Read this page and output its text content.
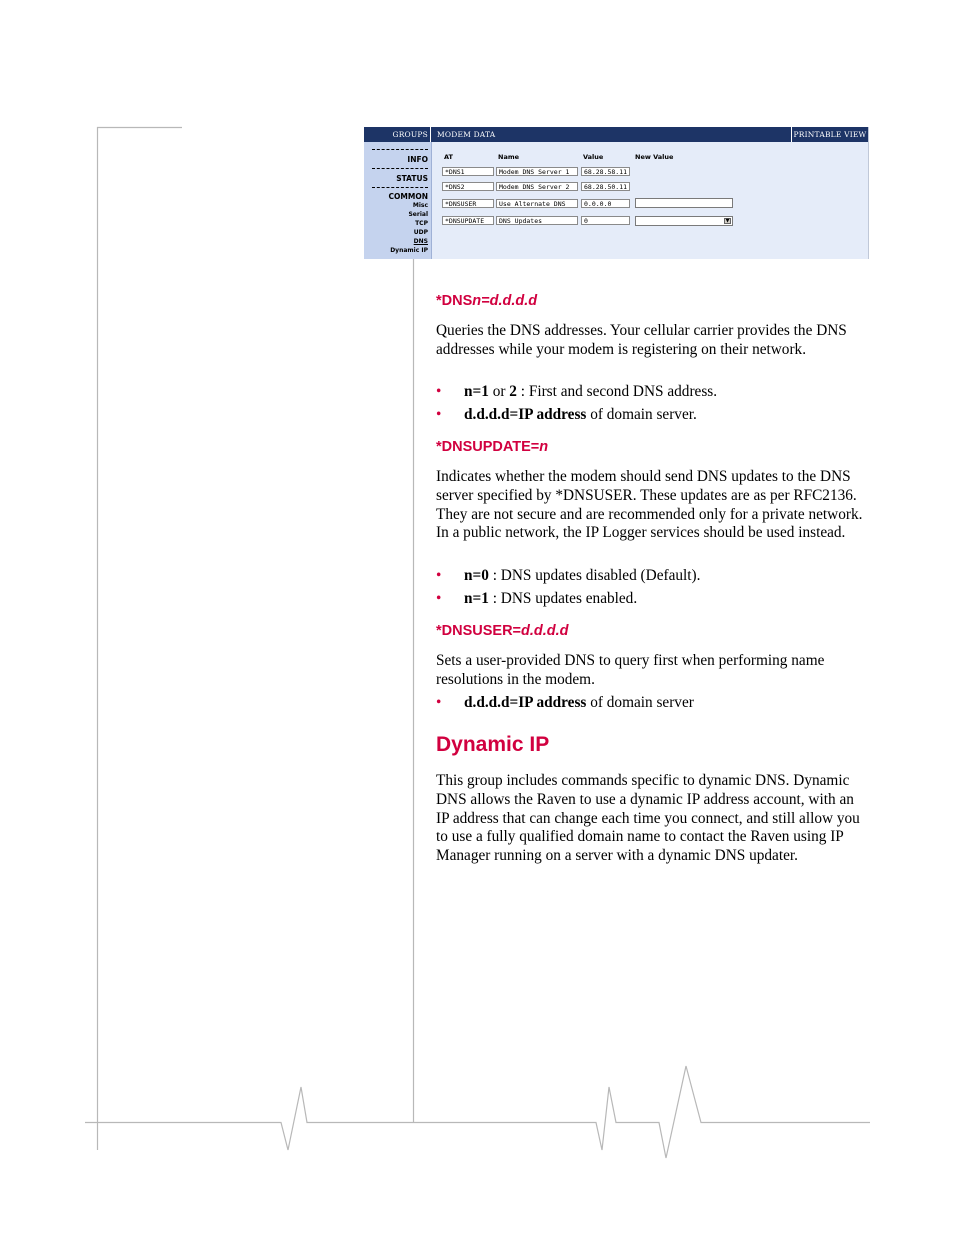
GROUPS	MODEM DATA	PRINTABLE VIEW
INFO
STATUS
COMMON
Misc
Serial
TCP
UDP
DNS
Dynamic IP
AT	Name	Value	New Value
*DNS1	Modem DNS Server 1	68.28.58.11
*DNS2	Modem DNS Server 2	68.28.50.11
*DNSUSER	Use Alternate DNS	0.0.0.0
*DNSUPDATE	DNS Updates	0	▼
*DNSn=d.d.d.d
Queries the DNS addresses. Your cellular carrier provides the DNS addresses while your modem is registering on their network.
• n=1 or 2 : First and second DNS address.
• d.d.d.d=IP address of domain server.
*DNSUPDATE=n
Indicates whether the modem should send DNS updates to the DNS server specified by *DNSUSER. These updates are as per RFC2136. They are not secure and are recommended only for a private network. In a public network, the IP Logger services should be used instead.
• n=0 : DNS updates disabled (Default).
• n=1 : DNS updates enabled.
*DNSUSER=d.d.d.d
Sets a user-provided DNS to query first when performing name resolutions in the modem.
• d.d.d.d=IP address of domain server
Dynamic IP
This group includes commands specific to dynamic DNS. Dynamic DNS allows the Raven to use a dynamic IP address account, with an IP address that can change each time you connect, and still allow you to use a fully qualified domain name to contact the Raven using IP Manager running on a server with a dynamic DNS updater.
